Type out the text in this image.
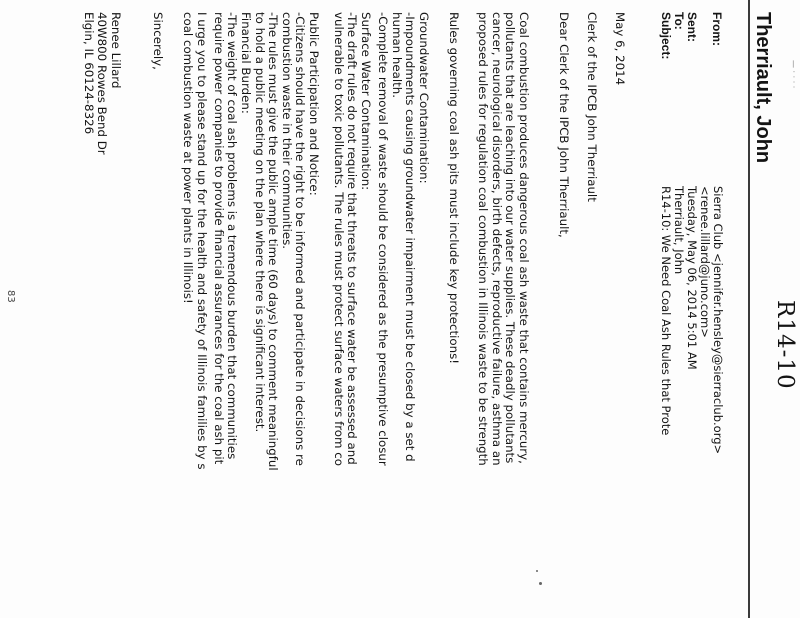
— · · · ·
R14-10
Therriault, John
From:
Sierra Club <jennifer.hensley@sierraclub.org>
<renee.lillard@juno.com>
Sent:
Tuesday, May 06, 2014 5:01 AM
To:
Therriault, John
Subject:
R14-10: We Need Coal Ash Rules that Prote
May 6, 2014
Clerk of the IPCB John Therriault
Dear Clerk of the IPCB John Therriault,
Coal combustion produces dangerous coal ash waste that contains mercury,
pollutants that are leaching into our water supplies. These deadly pollutants
cancer, neurological disorders, birth defects, reproductive failure, asthma an
proposed rules for regulation coal combustion in Illinois waste to be strength
Rules governing coal ash pits must include key protections!
Groundwater Contamination:
-Impoundments causing groundwater impairment must be closed by a set d
human health.
-Complete removal of waste should be considered as the presumptive closur
Surface Water Contamination:
-The draft rules do not require that threats to surface water be assessed and
vulnerable to toxic pollutants. The rules must protect surface waters from co
Public Participation and Notice:
-Citizens should have the right to be informed and participate in decisions re
combustion waste in their communities.
-The rules must give the public ample time (60 days) to comment meaningful
to hold a public meeting on the plan where there is significant interest.
Financial Burden:
-The weight of coal ash problems is a tremendous burden that communities
require power companies to provide financial assurances for the coal ash pit
I urge you to please stand up for the health and safety of Illinois families by s
coal combustion waste at power plants in Illinois!
Sincerely,
Renee Lillard
40W800 Rowes Bend Dr
Elgin, IL 60124-8326
83
